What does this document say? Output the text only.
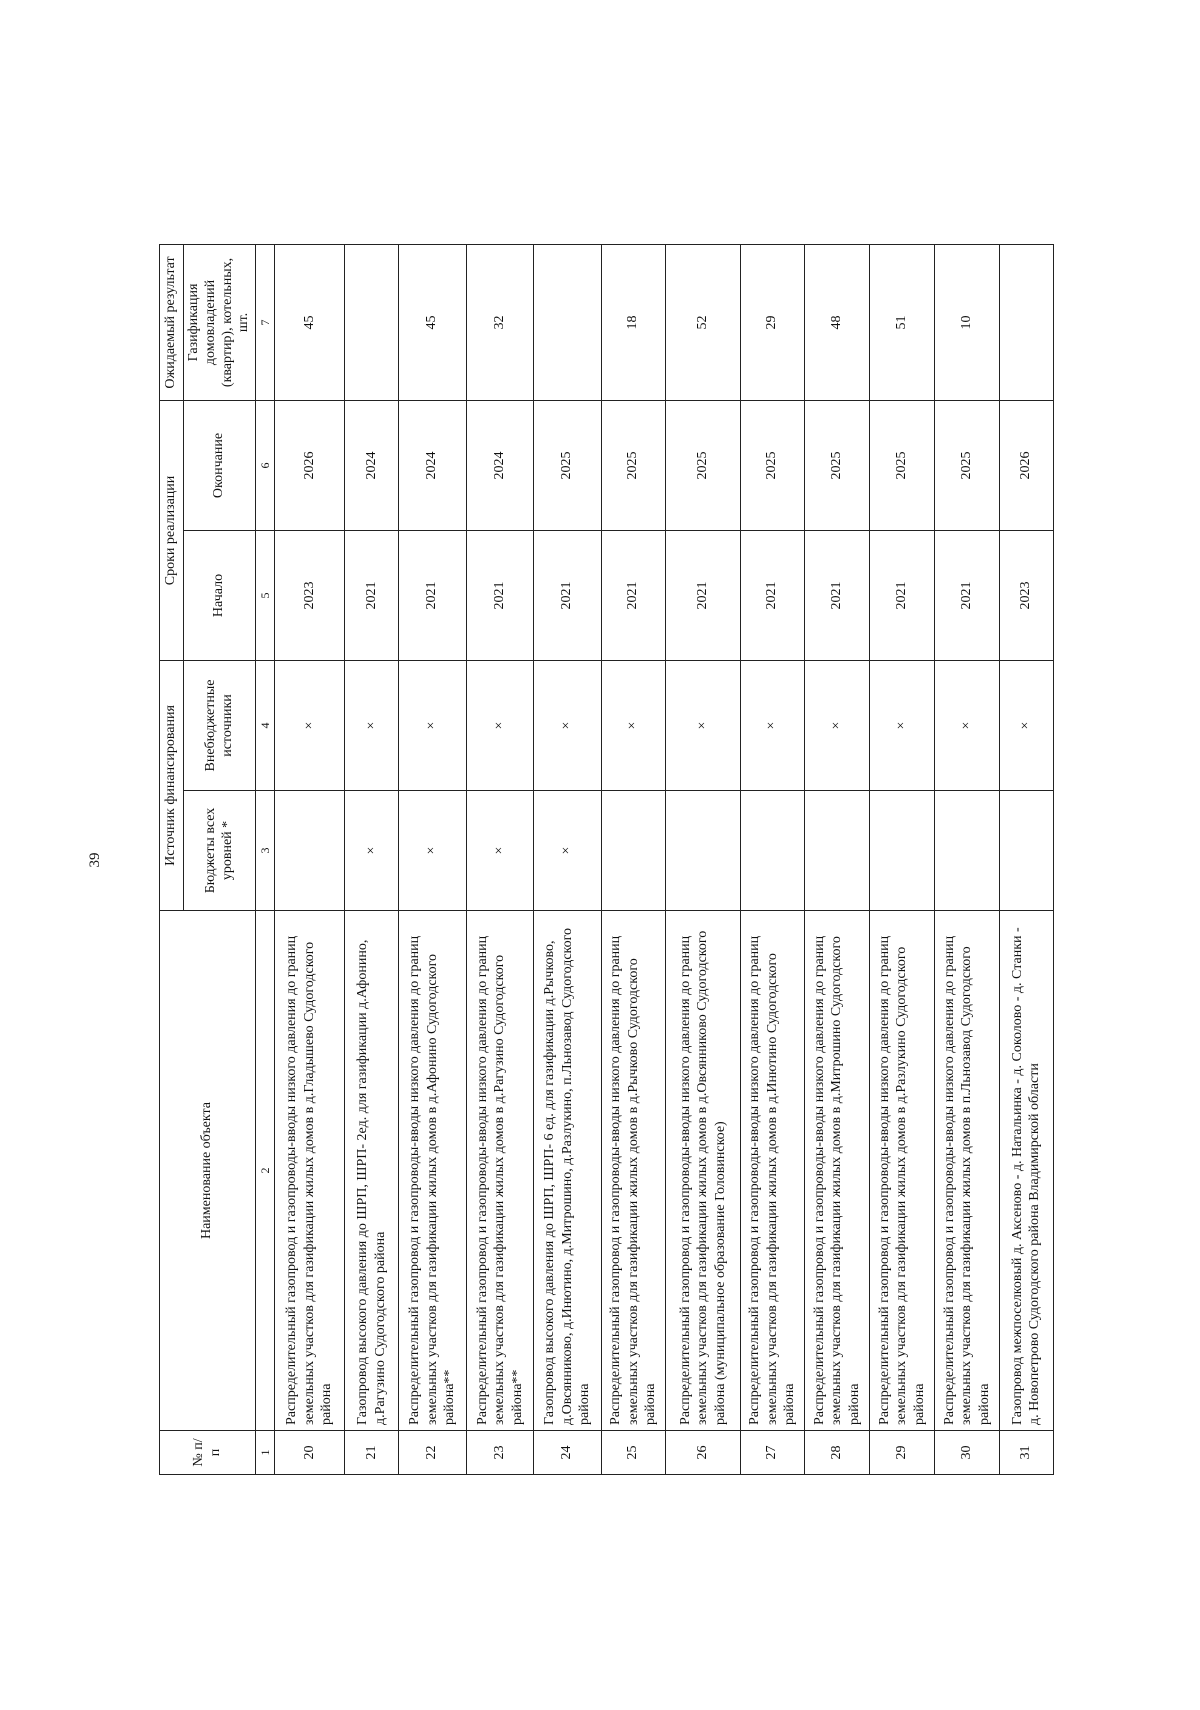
39
№ п/п	Наименование объекта	Источник финансирования		Сроки реализации		Ожидаемый результат
		Бюджеты всех уровней *	Внебюджетные источники	Начало	Окончание	Газификация домовладений (квартир), котельных, шт.
1	2	3	4	5	6	7
20	Распределительный газопровод и газопроводы-вводы низкого давления до границ земельных участков для газификации жилых домов в д.Гладышево Судогодского района		×	2023	2026	45
21	Газопровод высокого давления до ШРП, ШРП- 2ед. для газификации д.Афонино, д.Рагузино Судогодского района	×	×	2021	2024	
22	Распределительный газопровод и газопроводы-вводы низкого давления до границ земельных участков для газификации жилых домов в д.Афонино Судогодского района**	×	×	2021	2024	45
23	Распределительный газопровод и газопроводы-вводы низкого давления до границ земельных участков для газификации жилых домов в д.Рагузино Судогодского района**	×	×	2021	2024	32
24	Газопровод высокого давления до ШРП, ШРП- 6 ед. для газификации д.Рычково, д.Овсянниково, д.Инютино, д.Митрошино, д.Разлукино, п.Льнозавод Судогодского района	×	×	2021	2025	
25	Распределительный газопровод и газопроводы-вводы низкого давления до границ земельных участков для газификации жилых домов в д.Рычково Судогодского района		×	2021	2025	18
26	Распределительный газопровод и газопроводы-вводы низкого давления до границ земельных участков для газификации жилых домов в д.Овсянниково Судогодского района (муниципальное образование Головинское)		×	2021	2025	52
27	Распределительный газопровод и газопроводы-вводы низкого давления до границ земельных участков для газификации жилых домов в д.Инютино Судогодского района		×	2021	2025	29
28	Распределительный газопровод и газопроводы-вводы низкого давления до границ земельных участков для газификации жилых домов в д.Митрошино Судогодского района		×	2021	2025	48
29	Распределительный газопровод и газопроводы-вводы низкого давления до границ земельных участков для газификации жилых домов в д.Разлукино Судогодского района		×	2021	2025	51
30	Распределительный газопровод и газопроводы-вводы низкого давления до границ земельных участков для газификации жилых домов в п.Льнозавод Судогодского района		×	2021	2025	10
31	Газопровод межпоселковый д. Аксеново - д. Натальинка - д. Соколово - д. Станки - д. Новопетрово Судогодского района Владимирской области		×	2023	2026	
